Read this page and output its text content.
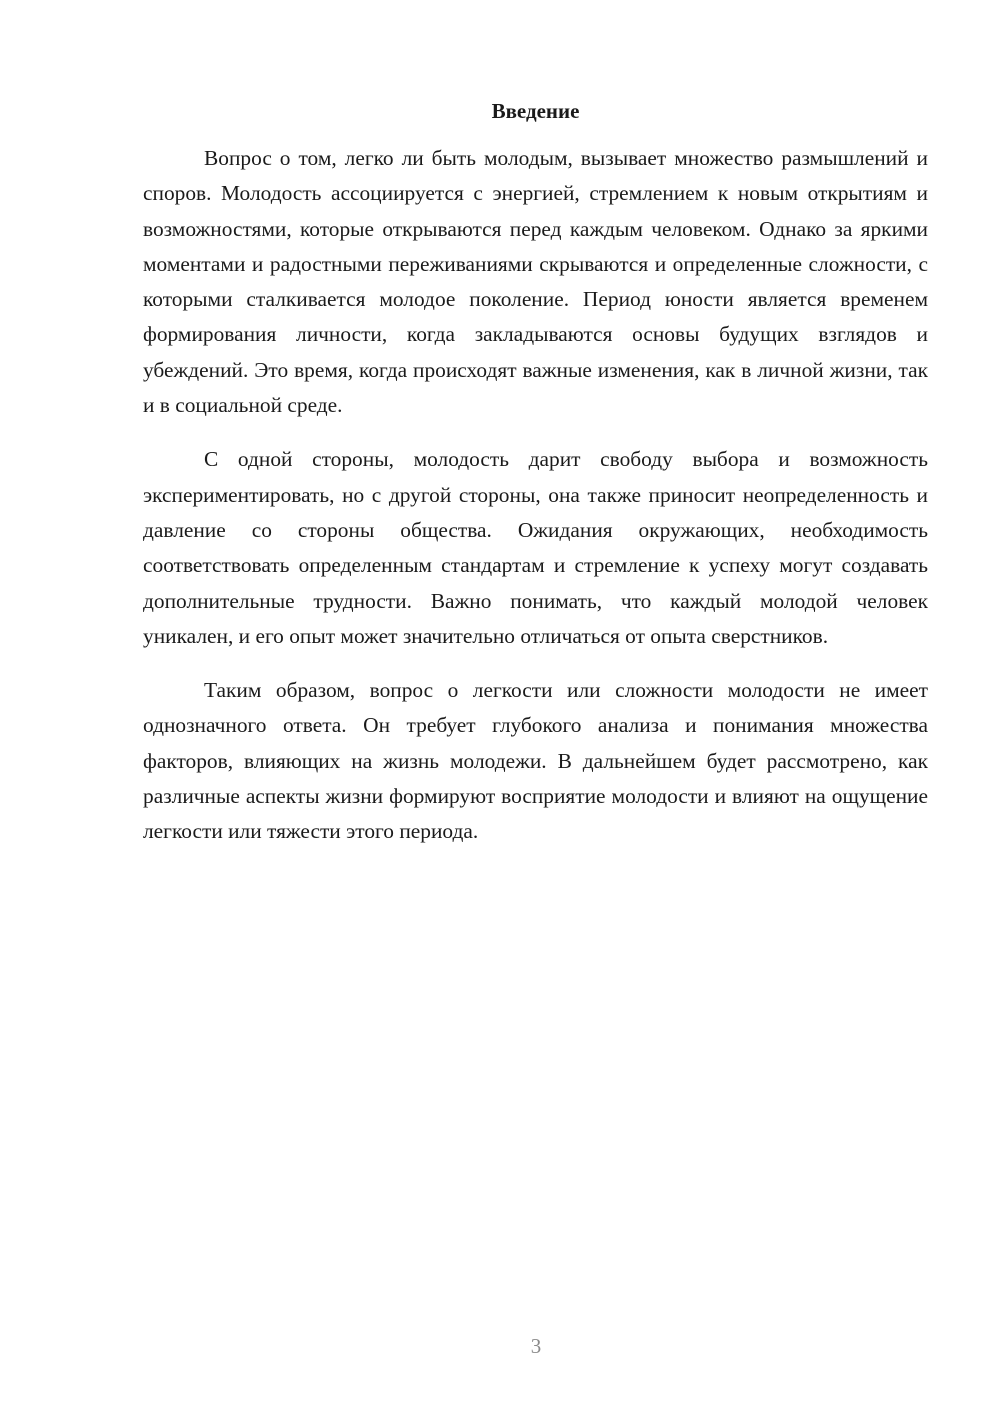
Введение

Вопрос о том, легко ли быть молодым, вызывает множество размышлений и споров. Молодость ассоциируется с энергией, стремлением к новым открытиям и возможностями, которые открываются перед каждым человеком. Однако за яркими моментами и радостными переживаниями скрываются и определенные сложности, с которыми сталкивается молодое поколение. Период юности является временем формирования личности, когда закладываются основы будущих взглядов и убеждений. Это время, когда происходят важные изменения, как в личной жизни, так и в социальной среде.

С одной стороны, молодость дарит свободу выбора и возможность экспериментировать, но с другой стороны, она также приносит неопределенность и давление со стороны общества. Ожидания окружающих, необходимость соответствовать определенным стандартам и стремление к успеху могут создавать дополнительные трудности. Важно понимать, что каждый молодой человек уникален, и его опыт может значительно отличаться от опыта сверстников.

Таким образом, вопрос о легкости или сложности молодости не имеет однозначного ответа. Он требует глубокого анализа и понимания множества факторов, влияющих на жизнь молодежи. В дальнейшем будет рассмотрено, как различные аспекты жизни формируют восприятие молодости и влияют на ощущение легкости или тяжести этого периода.

3
